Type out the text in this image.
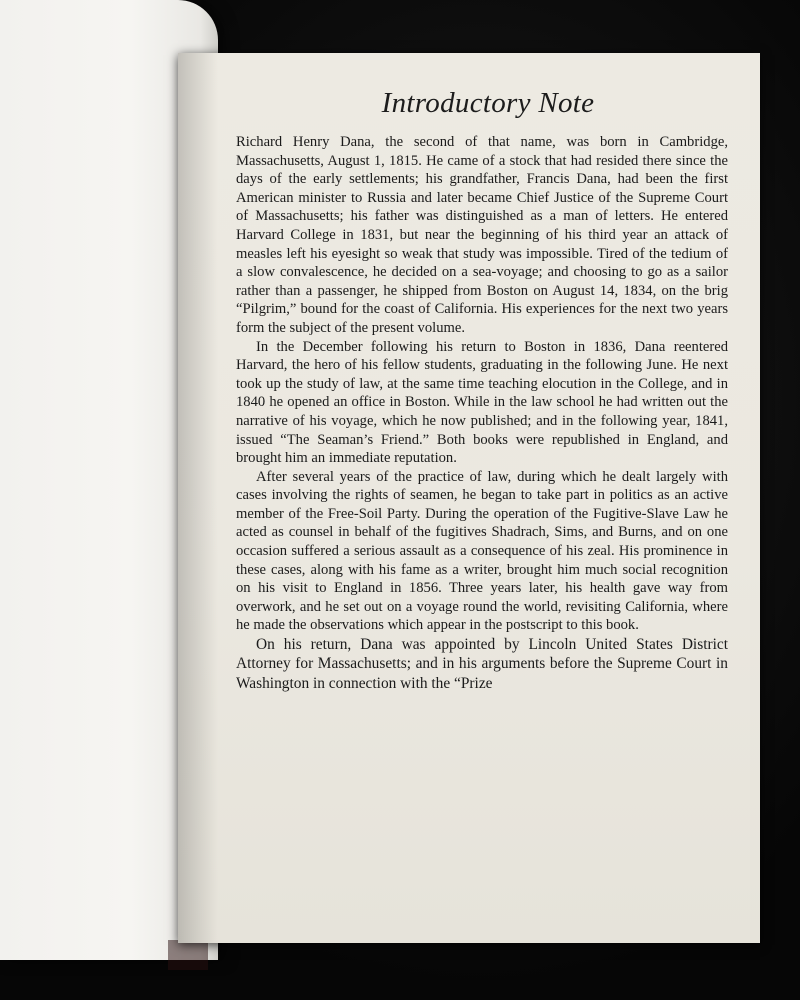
Introductory Note

Richard Henry Dana, the second of that name, was born in Cambridge, Massachusetts, August 1, 1815. He came of a stock that had resided there since the days of the early settlements; his grandfather, Francis Dana, had been the first American minister to Russia and later became Chief Justice of the Supreme Court of Massachusetts; his father was distinguished as a man of letters. He entered Harvard College in 1831, but near the beginning of his third year an attack of measles left his eyesight so weak that study was impossible. Tired of the tedium of a slow convalescence, he decided on a sea-voyage; and choosing to go as a sailor rather than a passenger, he shipped from Boston on August 14, 1834, on the brig “Pilgrim,” bound for the coast of California. His experiences for the next two years form the subject of the present volume.

In the December following his return to Boston in 1836, Dana reentered Harvard, the hero of his fellow students, graduating in the following June. He next took up the study of law, at the same time teaching elocution in the College, and in 1840 he opened an office in Boston. While in the law school he had written out the narrative of his voyage, which he now published; and in the following year, 1841, issued “The Seaman’s Friend.” Both books were republished in England, and brought him an immediate reputation.

After several years of the practice of law, during which he dealt largely with cases involving the rights of seamen, he began to take part in politics as an active member of the Free-Soil Party. During the operation of the Fugitive-Slave Law he acted as counsel in behalf of the fugitives Shadrach, Sims, and Burns, and on one occasion suffered a serious assault as a consequence of his zeal. His prominence in these cases, along with his fame as a writer, brought him much social recognition on his visit to England in 1856. Three years later, his health gave way from overwork, and he set out on a voyage round the world, revisiting California, where he made the observations which appear in the postscript to this book.

On his return, Dana was appointed by Lincoln United States District Attorney for Massachusetts; and in his arguments before the Supreme Court in Washington in connection with the “Prize
